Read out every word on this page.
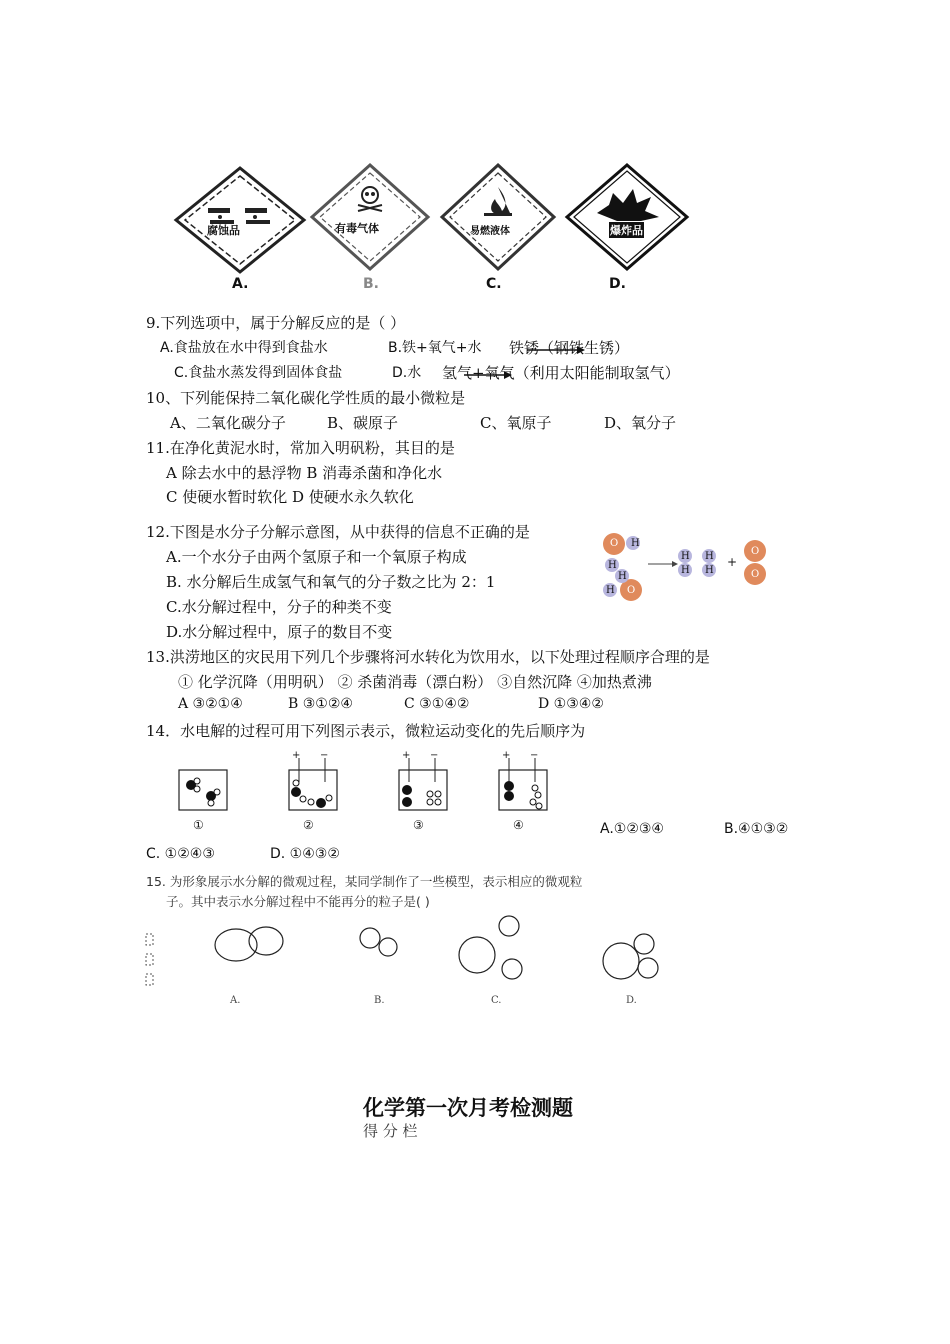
腐蚀品	有毒气体	易燃液体	爆炸品
A.	B.	C.	D.
9.下列选项中，属于分解反应的是（ ）
A.食盐放在水中得到食盐水	B.铁+氧气+水 铁锈（钢铁生锈）
C.食盐水蒸发得到固体食盐	D.水 氢气+氧气（利用太阳能制取氢气）
10、下列能保持二氧化碳化学性质的最小微粒是
A、二氧化碳分子	B、碳原子	C、氧原子	D、氧分子
11.在净化黄泥水时，常加入明矾粉，其目的是
A 除去水中的悬浮物 B 消毒杀菌和净化水
C 使硬水暂时软化 D 使硬水永久软化
12.下图是水分子分解示意图，从中获得的信息不正确的是
A.一个水分子由两个氢原子和一个氧原子构成
B. 水分解后生成氢气和氧气的分子数之比为 2：1
C.水分解过程中，分子的种类不变
D.水分解过程中，原子的数目不变
O H
H
H
H O
H
H
H
H
+
O
O
13.洪涝地区的灾民用下列几个步骤将河水转化为饮用水，以下处理过程顺序合理的是
① 化学沉降（用明矾） ② 杀菌消毒（漂白粉） ③自然沉降 ④加热煮沸
A ③②①④	B ③①②④	C ③①④②	D ①③④②
14．水电解的过程可用下列图示表示，微粒运动变化的先后顺序为
+ −	+ −	+ −
①	②	③	④	A.①②③④	B.④①③②
C. ①②④③	D. ①④③②
15. 为形象展示水分解的微观过程，某同学制作了一些模型，表示相应的微观粒
子。其中表示水分解过程中不能再分的粒子是( )
A.	B.	C.	D.
化学第一次月考检测题
得 分 栏
